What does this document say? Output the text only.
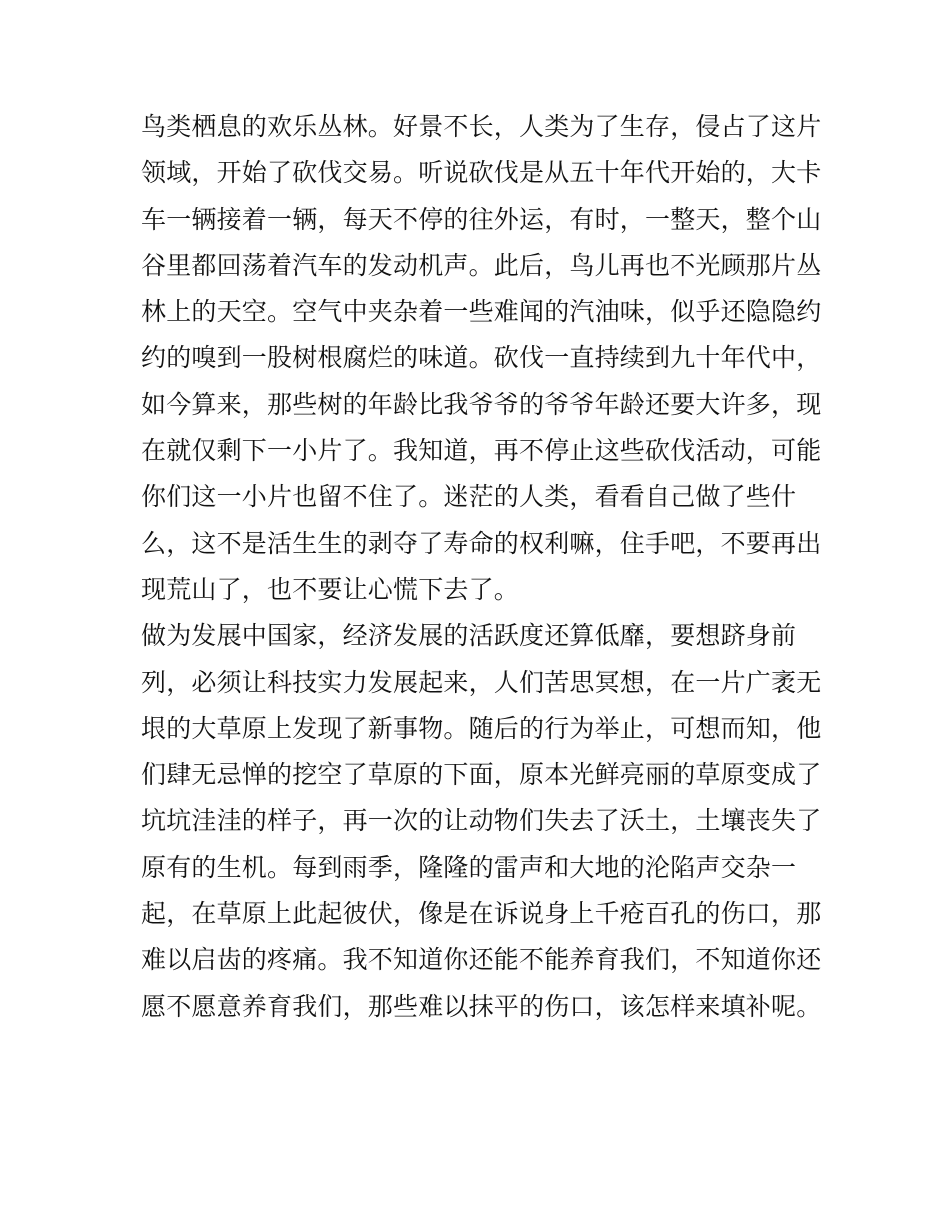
鸟类栖息的欢乐丛林。好景不长，人类为了生存，侵占了这片
领域，开始了砍伐交易。听说砍伐是从五十年代开始的，大卡
车一辆接着一辆，每天不停的往外运，有时，一整天，整个山
谷里都回荡着汽车的发动机声。此后，鸟儿再也不光顾那片丛
林上的天空。空气中夹杂着一些难闻的汽油味，似乎还隐隐约
约的嗅到一股树根腐烂的味道。砍伐一直持续到九十年代中，
如今算来，那些树的年龄比我爷爷的爷爷年龄还要大许多，现
在就仅剩下一小片了。我知道，再不停止这些砍伐活动，可能
你们这一小片也留不住了。迷茫的人类，看看自己做了些什
么，这不是活生生的剥夺了寿命的权利嘛，住手吧，不要再出
现荒山了，也不要让心慌下去了。
做为发展中国家，经济发展的活跃度还算低靡，要想跻身前
列，必须让科技实力发展起来，人们苦思冥想，在一片广袤无
垠的大草原上发现了新事物。随后的行为举止，可想而知，他
们肆无忌惮的挖空了草原的下面，原本光鲜亮丽的草原变成了
坑坑洼洼的样子，再一次的让动物们失去了沃土，土壤丧失了
原有的生机。每到雨季，隆隆的雷声和大地的沦陷声交杂一
起，在草原上此起彼伏，像是在诉说身上千疮百孔的伤口，那
难以启齿的疼痛。我不知道你还能不能养育我们，不知道你还
愿不愿意养育我们，那些难以抹平的伤口，该怎样来填补呢。
